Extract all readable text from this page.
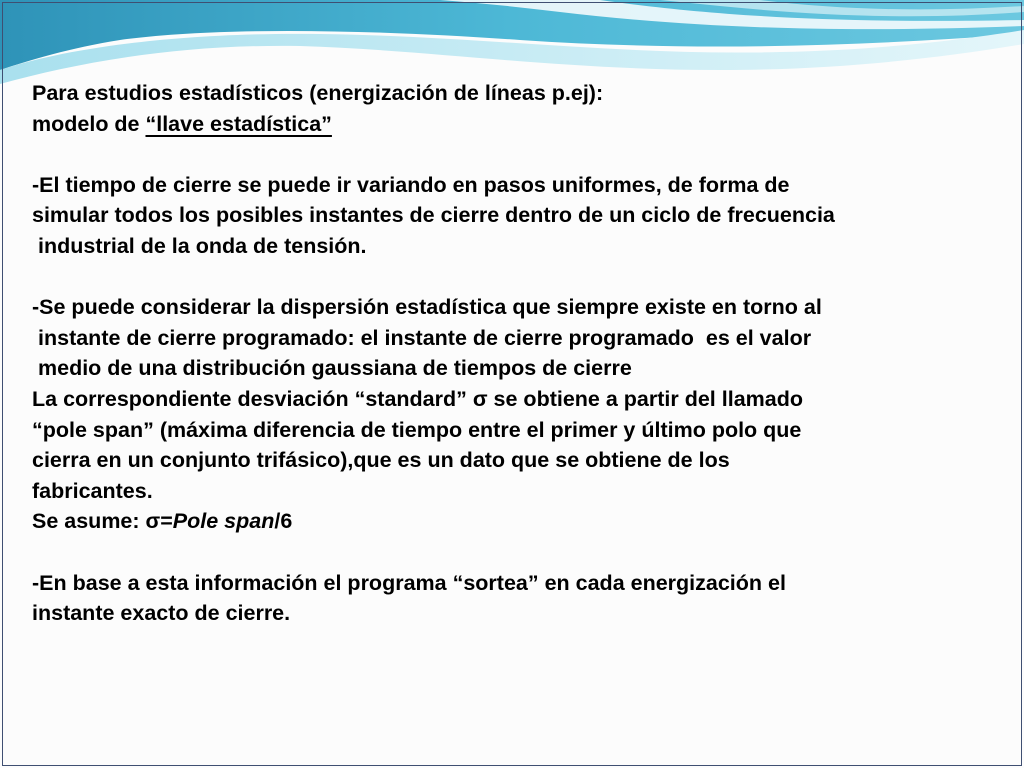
Para estudios estadísticos (energización de líneas p.ej):
modelo de “llave estadística”
-El tiempo de cierre se puede ir variando en pasos uniformes, de forma de
simular todos los posibles instantes de cierre dentro de un ciclo de frecuencia
industrial de la onda de tensión.
-Se puede considerar la dispersión estadística que siempre existe en torno al
instante de cierre programado: el instante de cierre programado  es el valor
medio de una distribución gaussiana de tiempos de cierre
La correspondiente desviación “standard” σ se obtiene a partir del llamado
“pole span” (máxima diferencia de tiempo entre el primer y último polo que
cierra en un conjunto trifásico),que es un dato que se obtiene de los
fabricantes.
Se asume: σ=Pole span/6
-En base a esta información el programa “sortea” en cada energización el
instante exacto de cierre.
